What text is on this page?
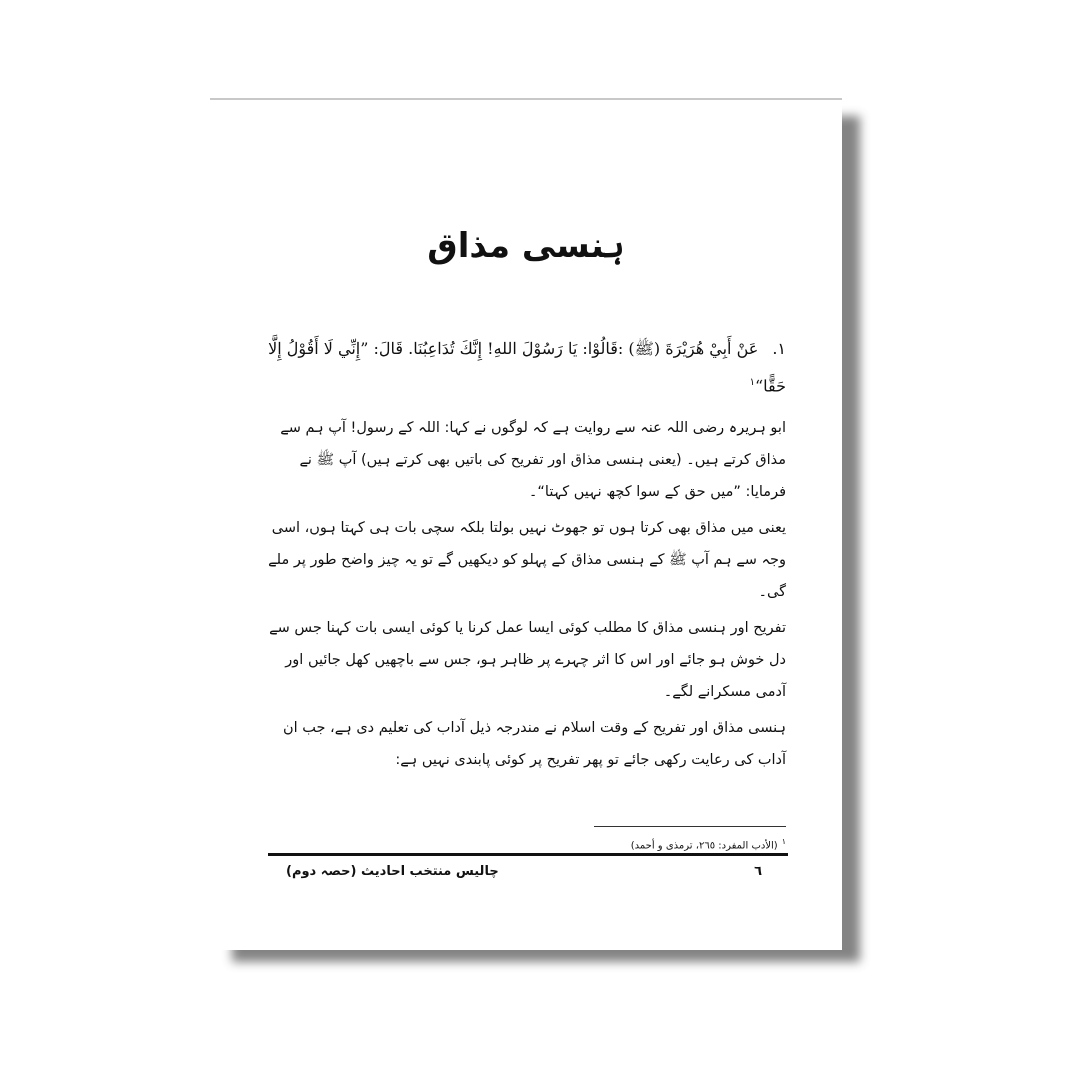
ہنسی مذاق
١.عَنْ أَبِيْ هُرَيْرَةَ (ﷺ) :قَالُوْا: يَا رَسُوْلَ اللهِ! إِنَّكَ تُدَاعِبُنَا. قَالَ: ”إِنِّي لَا أَقُوْلُ إِلَّا حَقًّا“$^١$

ابو ہریرہ رضی اللہ عنہ سے روایت ہے کہ لوگوں نے کہا: اللہ کے رسول! آپ ہم سے مذاق کرتے ہیں۔ (یعنی ہنسی مذاق اور تفریح کی باتیں بھی کرتے ہیں) آپ ﷺ نے فرمایا: ”میں حق کے سوا کچھ نہیں کہتا“۔

یعنی میں مذاق بھی کرتا ہوں تو جھوٹ نہیں بولتا بلکہ سچی بات ہی کہتا ہوں، اسی وجہ سے ہم آپ ﷺ کے ہنسی مذاق کے پہلو کو دیکھیں گے تو یہ چیز واضح طور پر ملے گی۔

تفریح اور ہنسی مذاق کا مطلب کوئی ایسا عمل کرنا یا کوئی ایسی بات کہنا جس سے دل خوش ہو جائے اور اس کا اثر چہرے پر ظاہر ہو، جس سے باچھیں کھل جائیں اور آدمی مسکرانے لگے۔

ہنسی مذاق اور تفریح کے وقت اسلام نے مندرجہ ذیل آداب کی تعلیم دی ہے، جب ان آداب کی رعایت رکھی جائے تو پھر تفریح پر کوئی پابندی نہیں ہے:

$^١$(الأدب المفرد: ٢٦٥، ترمذی و أحمد)
٦
چالیس منتخب احادیث (حصہ دوم)
